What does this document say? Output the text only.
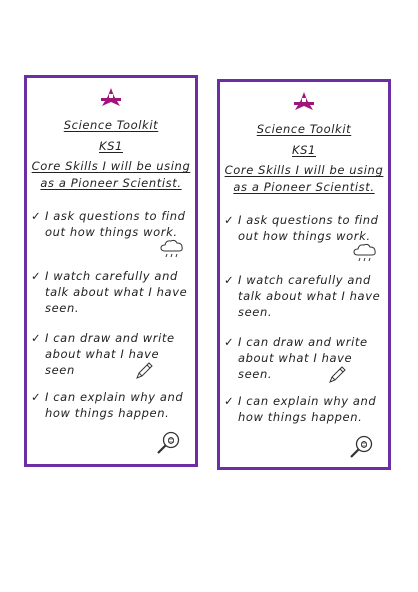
Science Toolkit
KS1
Core Skills I will be using as a Pioneer Scientist.
✓ I ask questions to find out how things work.
✓ I watch carefully and talk about what I have seen.
✓ I can draw and write about what I have seen
✓ I can explain why and how things happen.
Science Toolkit
KS1
Core Skills I will be using as a Pioneer Scientist.
✓ I ask questions to find out how things work.
✓ I watch carefully and talk about what I have seen.
✓ I can draw and write about what I have seen.
✓ I can explain why and how things happen.
